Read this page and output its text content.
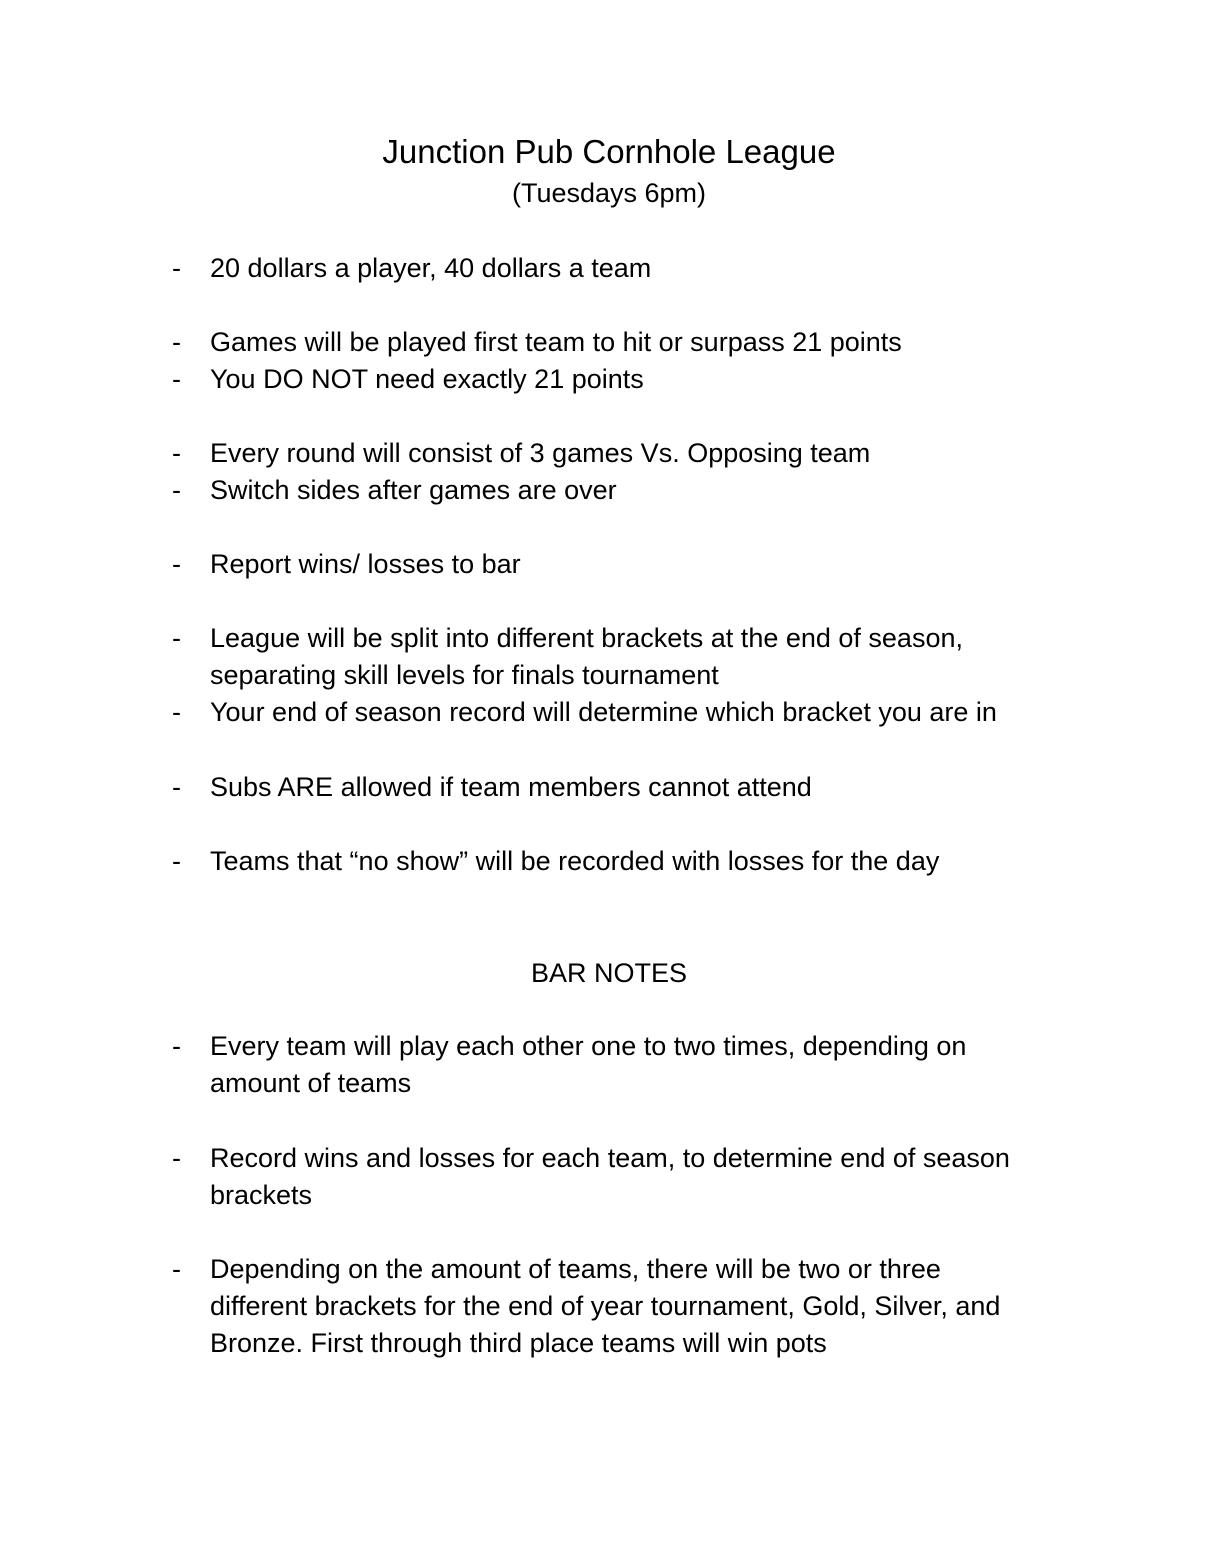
Junction Pub Cornhole League
(Tuesdays 6pm)
- 20 dollars a player, 40 dollars a team
- Games will be played first team to hit or surpass 21 points
- You DO NOT need exactly 21 points
- Every round will consist of 3 games Vs. Opposing team
- Switch sides after games are over
- Report wins/ losses to bar
- League will be split into different brackets at the end of season,
separating skill levels for finals tournament
- Your end of season record will determine which bracket you are in
- Subs ARE allowed if team members cannot attend
- Teams that “no show” will be recorded with losses for the day
BAR NOTES
- Every team will play each other one to two times, depending on
amount of teams
- Record wins and losses for each team, to determine end of season
brackets
- Depending on the amount of teams, there will be two or three
different brackets for the end of year tournament, Gold, Silver, and
Bronze. First through third place teams will win pots
